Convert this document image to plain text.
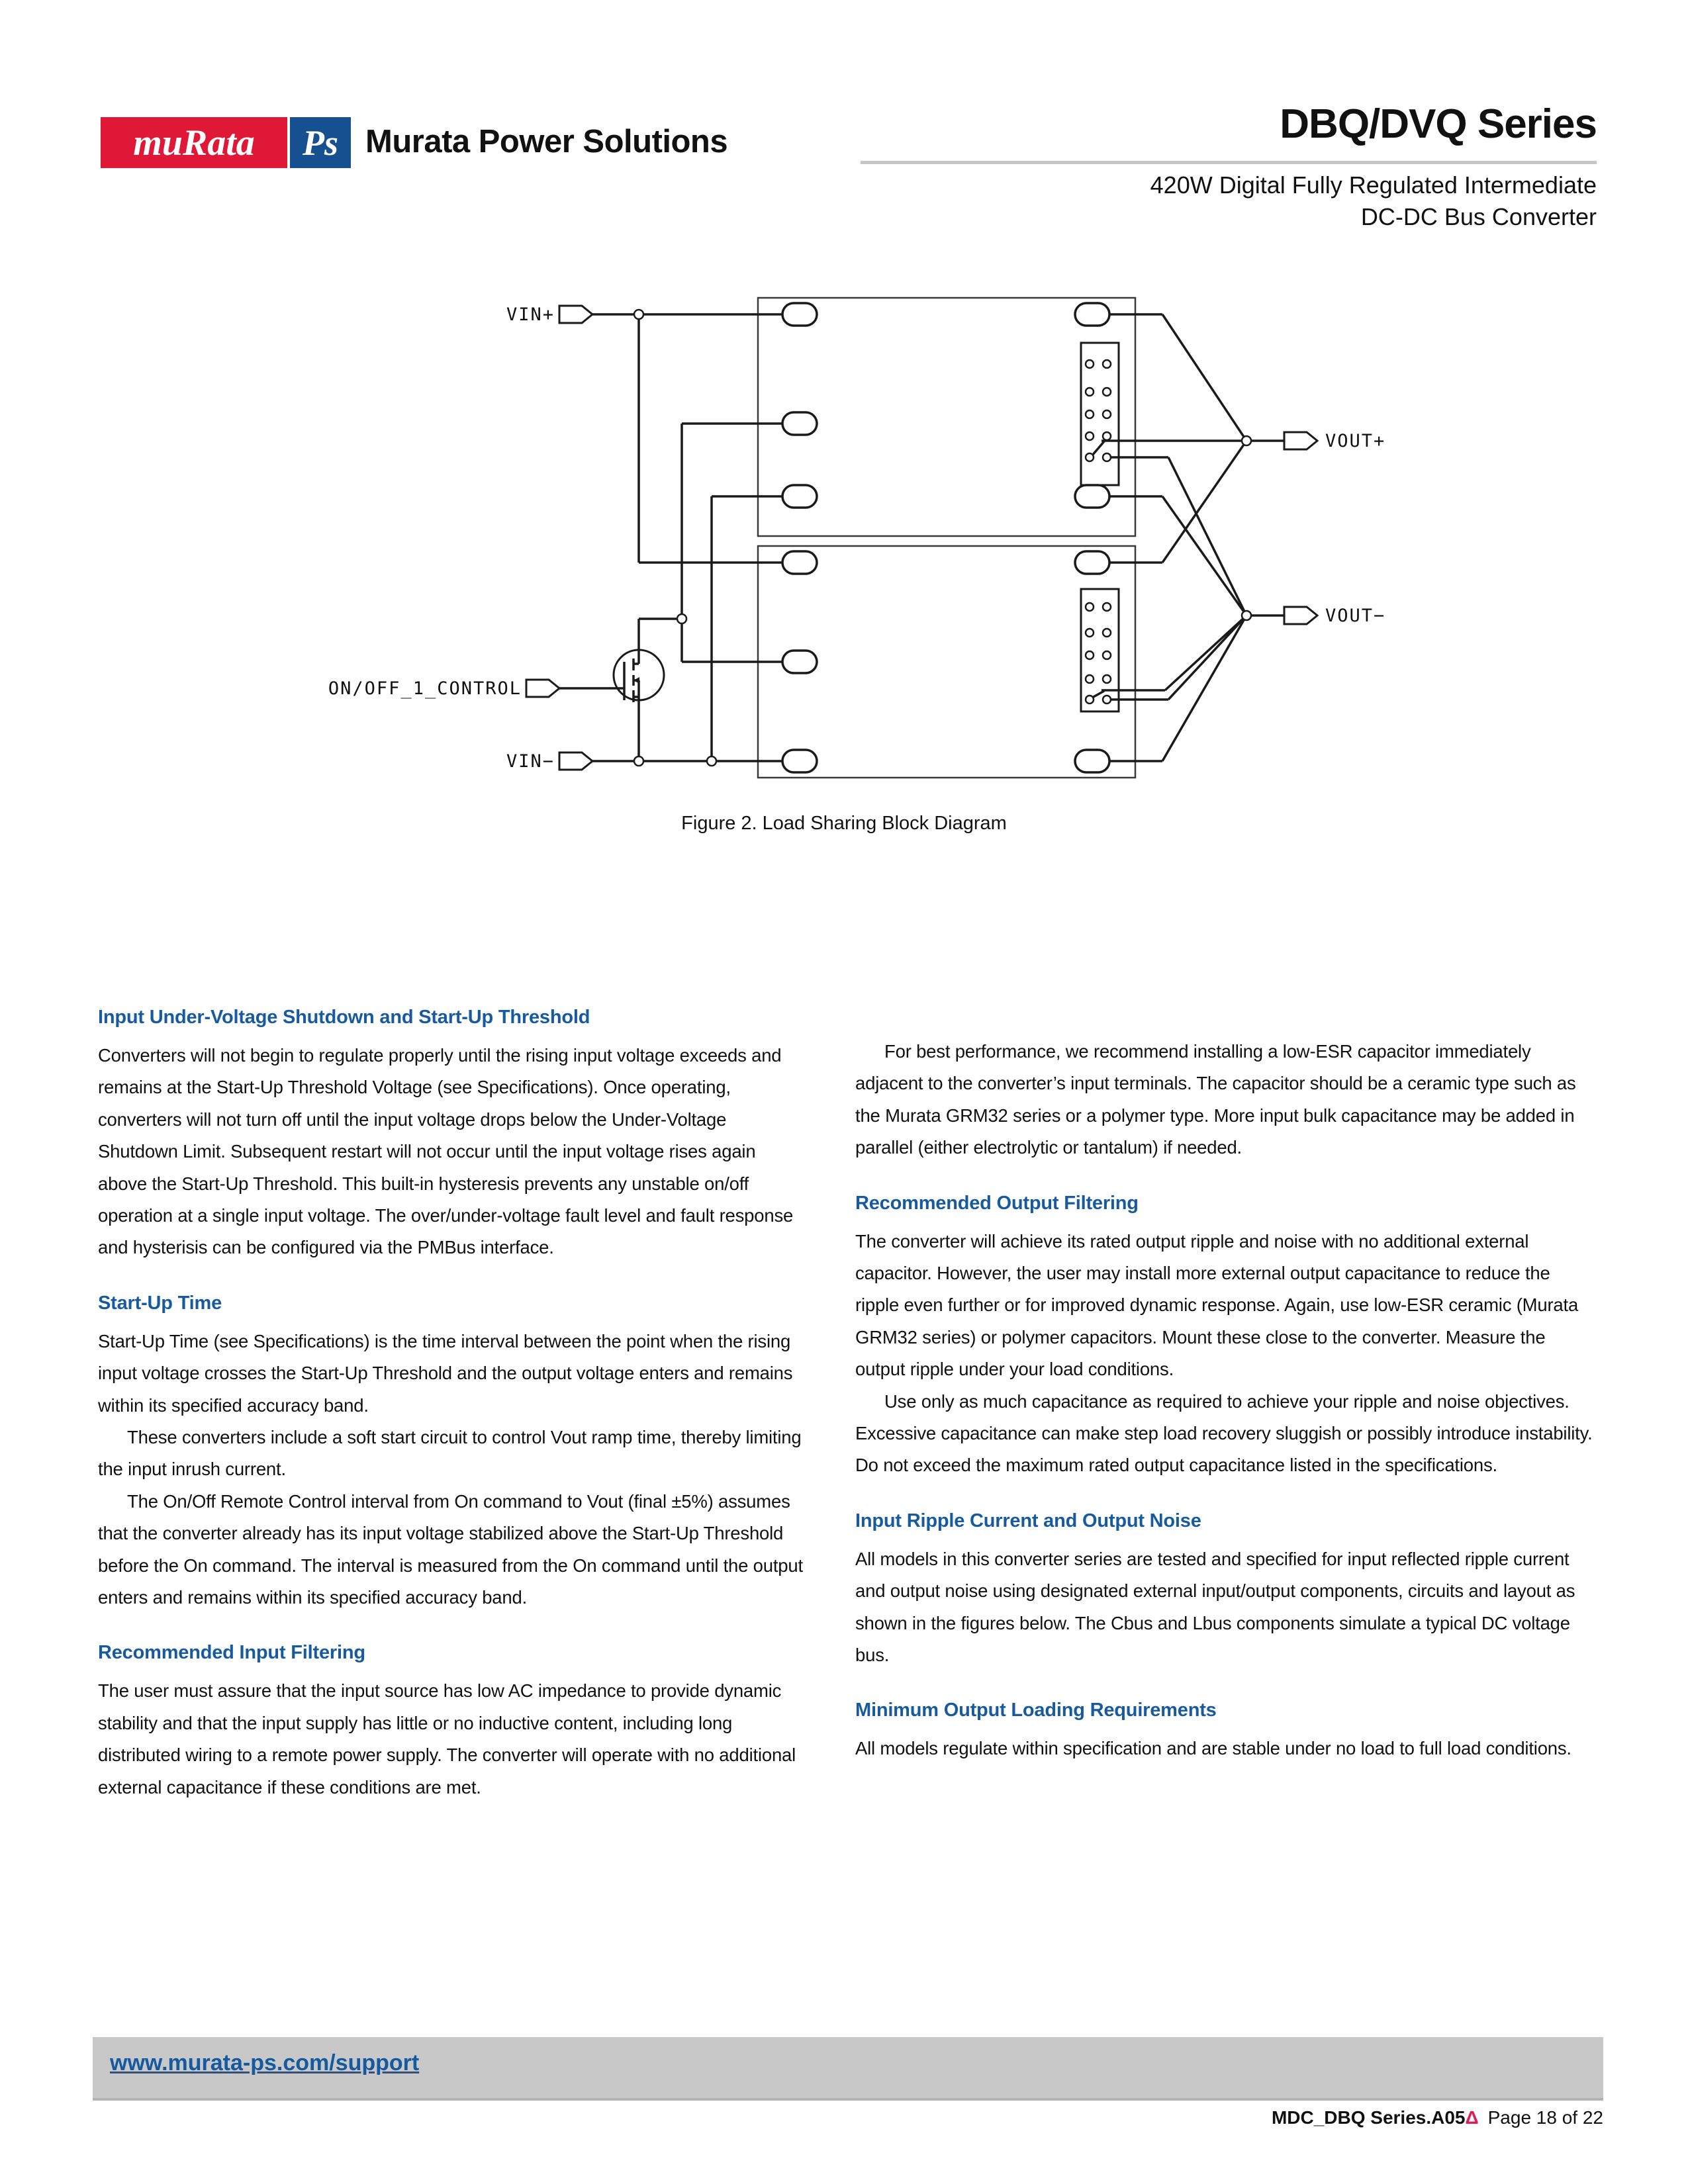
muRata Ps Murata Power Solutions	DBQ/DVQ Series
420W Digital Fully Regulated Intermediate
DC-DC Bus Converter
VIN+
ON/OFF_1_CONTROL
VIN−
VOUT+
VOUT−
Figure 2. Load Sharing Block Diagram
Input Under-Voltage Shutdown and Start-Up Threshold
Converters will not begin to regulate properly until the rising input voltage exceeds and remains at the Start-Up Threshold Voltage (see Specifications). Once operating, converters will not turn off until the input voltage drops below the Under-Voltage Shutdown Limit. Subsequent restart will not occur until the input voltage rises again above the Start-Up Threshold. This built-in hysteresis prevents any unstable on/off operation at a single input voltage. The over/under-voltage fault level and fault response and hysterisis can be configured via the PMBus interface.
Start-Up Time
Start-Up Time (see Specifications) is the time interval between the point when the rising input voltage crosses the Start-Up Threshold and the output voltage enters and remains within its specified accuracy band.
These converters include a soft start circuit to control Vout ramp time, thereby limiting the input inrush current.
The On/Off Remote Control interval from On command to Vout (final ±5%) assumes that the converter already has its input voltage stabilized above the Start-Up Threshold before the On command. The interval is measured from the On command until the output enters and remains within its specified accuracy band.
Recommended Input Filtering
The user must assure that the input source has low AC impedance to provide dynamic stability and that the input supply has little or no inductive content, including long distributed wiring to a remote power supply. The converter will operate with no additional external capacitance if these conditions are met.
For best performance, we recommend installing a low-ESR capacitor immediately adjacent to the converter’s input terminals. The capacitor should be a ceramic type such as the Murata GRM32 series or a polymer type. More input bulk capacitance may be added in parallel (either electrolytic or tantalum) if needed.
Recommended Output Filtering
The converter will achieve its rated output ripple and noise with no additional external capacitor. However, the user may install more external output capacitance to reduce the ripple even further or for improved dynamic response. Again, use low-ESR ceramic (Murata GRM32 series) or polymer capacitors. Mount these close to the converter. Measure the output ripple under your load conditions.
Use only as much capacitance as required to achieve your ripple and noise objectives. Excessive capacitance can make step load recovery sluggish or possibly introduce instability. Do not exceed the maximum rated output capacitance listed in the specifications.
Input Ripple Current and Output Noise
All models in this converter series are tested and specified for input reflected ripple current and output noise using designated external input/output components, circuits and layout as shown in the figures below. The Cbus and Lbus components simulate a typical DC voltage bus.
Minimum Output Loading Requirements
All models regulate within specification and are stable under no load to full load conditions.
www.murata-ps.com/support
MDC_DBQ Series.A05Δ Page 18 of 22
